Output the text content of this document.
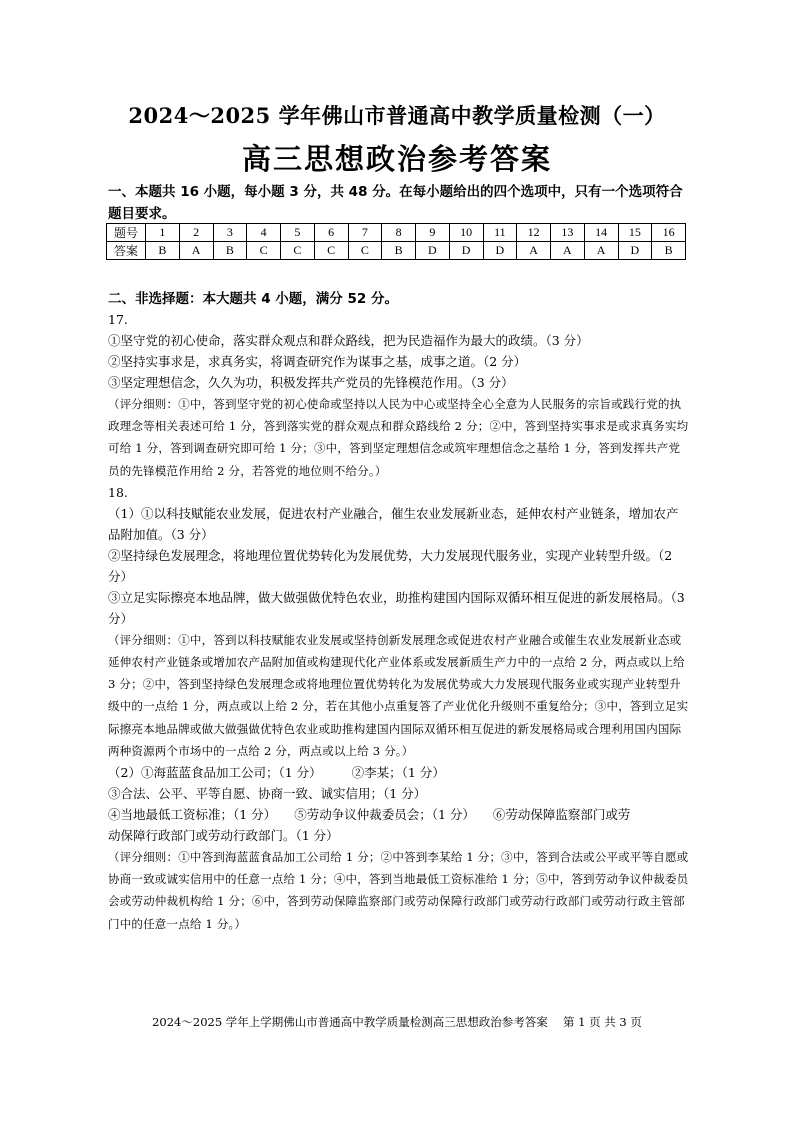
2024～2025 学年佛山市普通高中教学质量检测（一）
高三思想政治参考答案
一、本题共 16 小题，每小题 3 分，共 48 分。在每小题给出的四个选项中，只有一个选项符合题目要求。
题号	1	2	3	4	5	6	7	8	9	10	11	12	13	14	15	16
答案	B	A	B	C	C	C	C	B	D	D	D	A	A	A	D	B
二、非选择题：本大题共 4 小题，满分 52 分。
17.
①坚守党的初心使命，落实群众观点和群众路线，把为民造福作为最大的政绩。（3 分）
②坚持实事求是，求真务实，将调查研究作为谋事之基，成事之道。（2 分）
③坚定理想信念，久久为功，积极发挥共产党员的先锋模范作用。（3 分）
（评分细则：①中，答到坚守党的初心使命或坚持以人民为中心或坚持全心全意为人民服务的宗旨或践行党的执政理念等相关表述可给 1 分，答到落实党的群众观点和群众路线给 2 分；②中，答到坚持实事求是或求真务实均可给 1 分，答到调查研究即可给 1 分；③中，答到坚定理想信念或筑牢理想信念之基给 1 分，答到发挥共产党员的先锋模范作用给 2 分，若答党的地位则不给分。）
18.
（1）①以科技赋能农业发展，促进农村产业融合，催生农业发展新业态，延伸农村产业链条，增加农产品附加值。（3 分）
②坚持绿色发展理念，将地理位置优势转化为发展优势，大力发展现代服务业，实现产业转型升级。（2 分）
③立足实际擦亮本地品牌，做大做强做优特色农业，助推构建国内国际双循环相互促进的新发展格局。（3 分）
（评分细则：①中，答到以科技赋能农业发展或坚持创新发展理念或促进农村产业融合或催生农业发展新业态或延伸农村产业链条或增加农产品附加值或构建现代化产业体系或发展新质生产力中的一点给 2 分，两点或以上给 3 分；②中，答到坚持绿色发展理念或将地理位置优势转化为发展优势或大力发展现代服务业或实现产业转型升级中的一点给 1 分，两点或以上给 2 分，若在其他小点重复答了产业优化升级则不重复给分；③中，答到立足实际擦亮本地品牌或做大做强做优特色农业或助推构建国内国际双循环相互促进的新发展格局或合理利用国内国际两种资源两个市场中的一点给 2 分，两点或以上给 3 分。）
（2）①海蓝蓝食品加工公司；（1 分） ②李某；（1 分）
③合法、公平、平等自愿、协商一致、诚实信用；（1 分）
④当地最低工资标准；（1 分） ⑤劳动争议仲裁委员会；（1 分） ⑥劳动保障监察部门或劳
动保障行政部门或劳动行政部门。（1 分）
（评分细则：①中答到海蓝蓝食品加工公司给 1 分；②中答到李某给 1 分；③中，答到合法或公平或平等自愿或协商一致或诚实信用中的任意一点给 1 分；④中，答到当地最低工资标准给 1 分；⑤中，答到劳动争议仲裁委员会或劳动仲裁机构给 1 分；⑥中，答到劳动保障监察部门或劳动保障行政部门或劳动行政部门或劳动行政主管部门中的任意一点给 1 分。）
2024～2025 学年上学期佛山市普通高中教学质量检测高三思想政治参考答案　 第 1 页 共 3 页
